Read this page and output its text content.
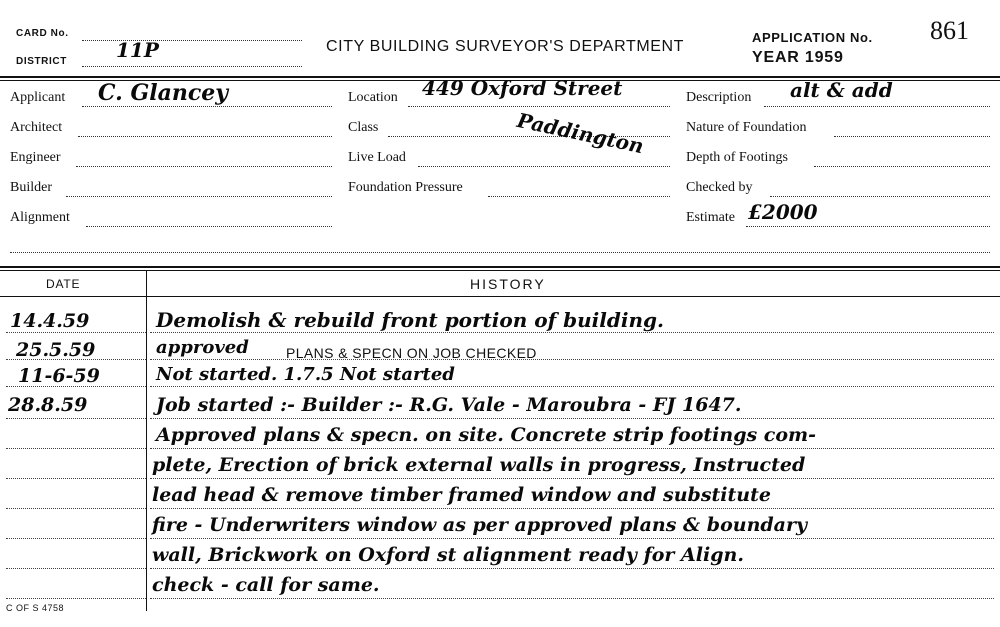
CARD No.
DISTRICT 11P	CITY BUILDING SURVEYOR'S DEPARTMENT
APPLICATION No.
YEAR 1959
861
Applicant C. Glancey
Architect
Engineer
Builder
Alignment
Location 449 Oxford Street
Class	Paddington
Live Load
Foundation Pressure
Description alt & add
Nature of Foundation
Depth of Footings
Checked by
Estimate £2000
DATE	HISTORY
14.4.59	Demolish & rebuild front portion of building.
25.5.59	approved	PLANS & SPECN ON JOB CHECKED
11-6-59	Not started. 1.7.5 Not started
28.8.59	Job started :- Builder :- R.G. Vale - Maroubra - FJ 1647.
Approved plans & specn. on site. Concrete strip footings com-
plete, Erection of brick external walls in progress, Instructed
lead head & remove timber framed window and substitute
fire - Underwriters window as per approved plans & boundary
wall, Brickwork on Oxford st alignment ready for Align.
check - call for same.
C OF S 4758
